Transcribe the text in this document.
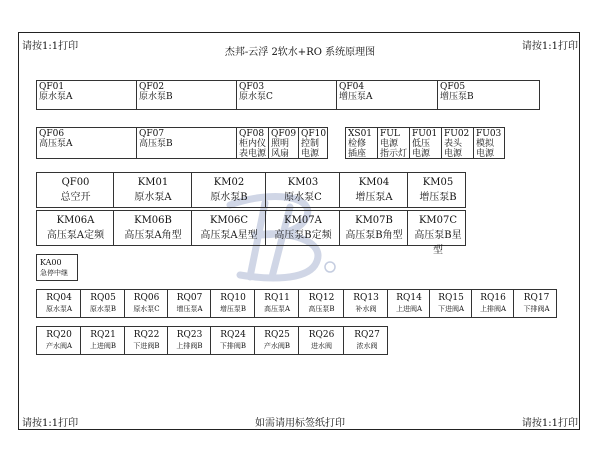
请按1:1打印	请按1:1打印
请按1:1打印	请按1:1打印
杰邦-云浮 2软水+RO 系统原理图
QF01
原水泵A
QF02
原水泵B
QF03
原水泵C
QF04
增压泵A
QF05
增压泵B
QF06
高压泵A
QF07
高压泵B
QF08
柜内仪
表电源
QF09
照明
风扇
QF10
控制
电源
XS01
检修
插座
FUL
电源
指示灯
FU01
低压
电源
FU02
表头
电源
FU03
模拟
电源
QF00
总空开
KM01
原水泵A
KM02
原水泵B
KM03
原水泵C
KM04
增压泵A
KM05
增压泵B
KM06A
高压泵A定频
KM06B
高压泵A角型
KM06C
高压泵A星型
KM07A
高压泵B定频
KM07B
高压泵B角型
KM07C
高压泵B星型
KA00
急停中继
RQ04
原水泵A
RQ05
原水泵B
RQ06
原水泵C
RQ07
增压泵A
RQ10
增压泵B
RQ11
高压泵A
RQ12
高压泵B
RQ13
补水阀
RQ14
上进阀A
RQ15
下进阀A
RQ16
上排阀A
RQ17
下排阀A
RQ20
产水阀A
RQ21
上进阀B
RQ22
下进阀B
RQ23
上排阀B
RQ24
下排阀B
RQ25
产水阀B
RQ26
进水阀
RQ27
浓水阀
如需请用标签纸打印
